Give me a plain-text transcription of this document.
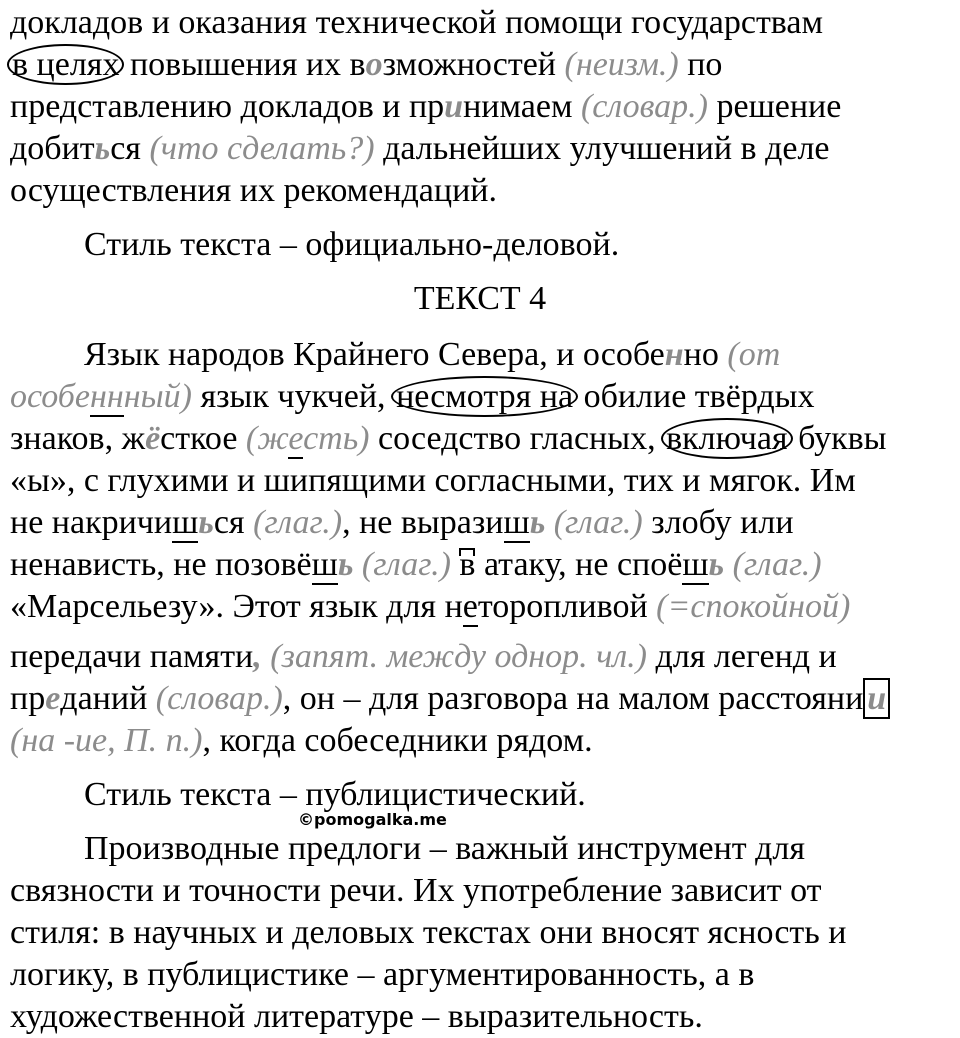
докладов и оказания технической помощи государствам
в целях повышения их возможностей (неизм.) по
представлению докладов и принимаем (словар.) решение
добиться (что сделать?) дальнейших улучшений в деле
осуществления их рекомендаций.
Стиль текста – официально-деловой.
ТЕКСТ 4
Язык народов Крайнего Севера, и особенно (от
особеннный) язык чукчей, несмотря на обилие твёрдых
знаков, жёсткое (жесть) соседство гласных, включая буквы
«ы», с глухими и шипящими согласными, тих и мягок. Им
не накричишься (глаг.), не выразишь (глаг.) злобу или
ненависть, не позовёшь (глаг.) в атаку, не споёшь (глаг.)
«Марсельезу». Этот язык для неторопливой (=спокойной)
передачи памяти, (запят. между однор. чл.) для легенд и
преданий (словар.), он – для разговора на малом расстояни и
(на -ие, П. п.), когда собеседники рядом.
Стиль текста – публицистический.
©pomogalka.me
Производные предлоги – важный инструмент для
связности и точности речи. Их употребление зависит от
стиля: в научных и деловых текстах они вносят ясность и
логику, в публицистике – аргументированность, а в
художественной литературе – выразительность.
